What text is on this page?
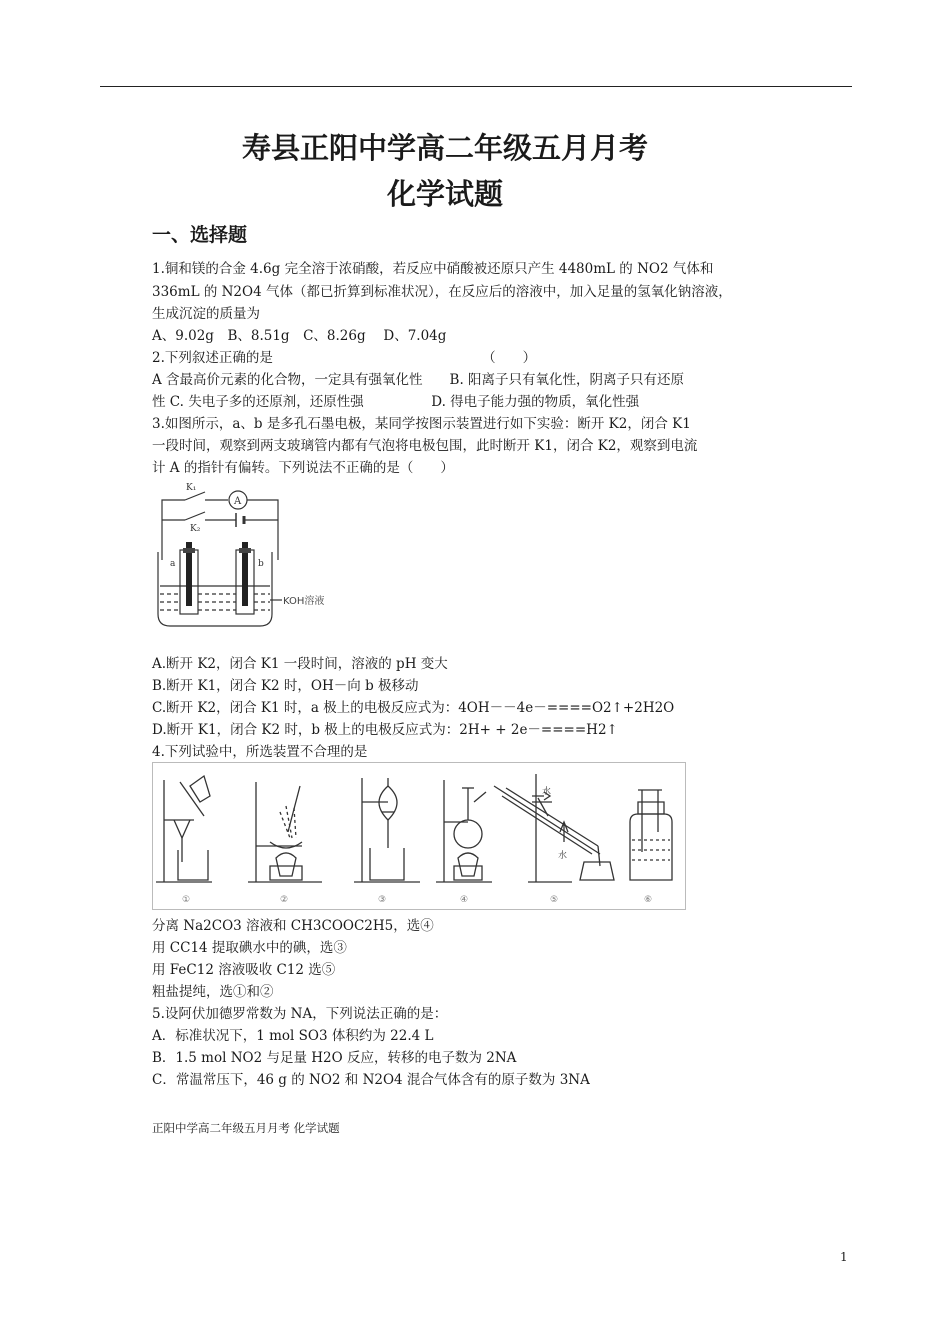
寿县正阳中学高二年级五月月考
化学试题
一、选择题
1.铜和镁的合金 4.6g 完全溶于浓硝酸，若反应中硝酸被还原只产生 4480mL 的 NO2 气体和
336mL 的 N2O4 气体（都已折算到标准状况），在反应后的溶液中，加入足量的氢氧化钠溶液，
生成沉淀的质量为
A、9.02g　B、8.51g　C、8.26g　 D、7.04g
2.下列叙述正确的是　　　　　　　　　　　　　　　　（　　）
A 含最高价元素的化合物，一定具有强氧化性　　B. 阳离子只有氧化性，阴离子只有还原
性 C. 失电子多的还原剂，还原性强　　　　　D. 得电子能力强的物质，氧化性强
3.如图所示，a、b 是多孔石墨电极，某同学按图示装置进行如下实验：断开 K2，闭合 K1
一段时间，观察到两支玻璃管内都有气泡将电极包围，此时断开 K1，闭合 K2，观察到电流
计 A 的指针有偏转。下列说法不正确的是（　　）
K₁
K₂
A
a	b
KOH溶液
A.断开 K2，闭合 K1 一段时间，溶液的 pH 变大
B.断开 K1，闭合 K2 时，OH－向 b 极移动
C.断开 K2，闭合 K1 时，a 极上的电极反应式为：4OH－－4e－====O2↑+2H2O
D.断开 K1，闭合 K2 时，b 极上的电极反应式为：2H+ + 2e－====H2↑
4.下列试验中，所选装置不合理的是
水
水
①	②	③	④	⑤	⑥
分离 Na2CO3 溶液和 CH3COOC2H5，选④
用 CC14 提取碘水中的碘，选③
用 FeC12 溶液吸收 C12 选⑤
粗盐提纯，选①和②
5.设阿伏加德罗常数为 NA，下列说法正确的是：
A．标准状况下，1 mol SO3 体积约为 22.4 L
B．1.5 mol NO2 与足量 H2O 反应，转移的电子数为 2NA
C．常温常压下，46 g 的 NO2 和 N2O4 混合气体含有的原子数为 3NA
正阳中学高二年级五月月考 化学试题
1
